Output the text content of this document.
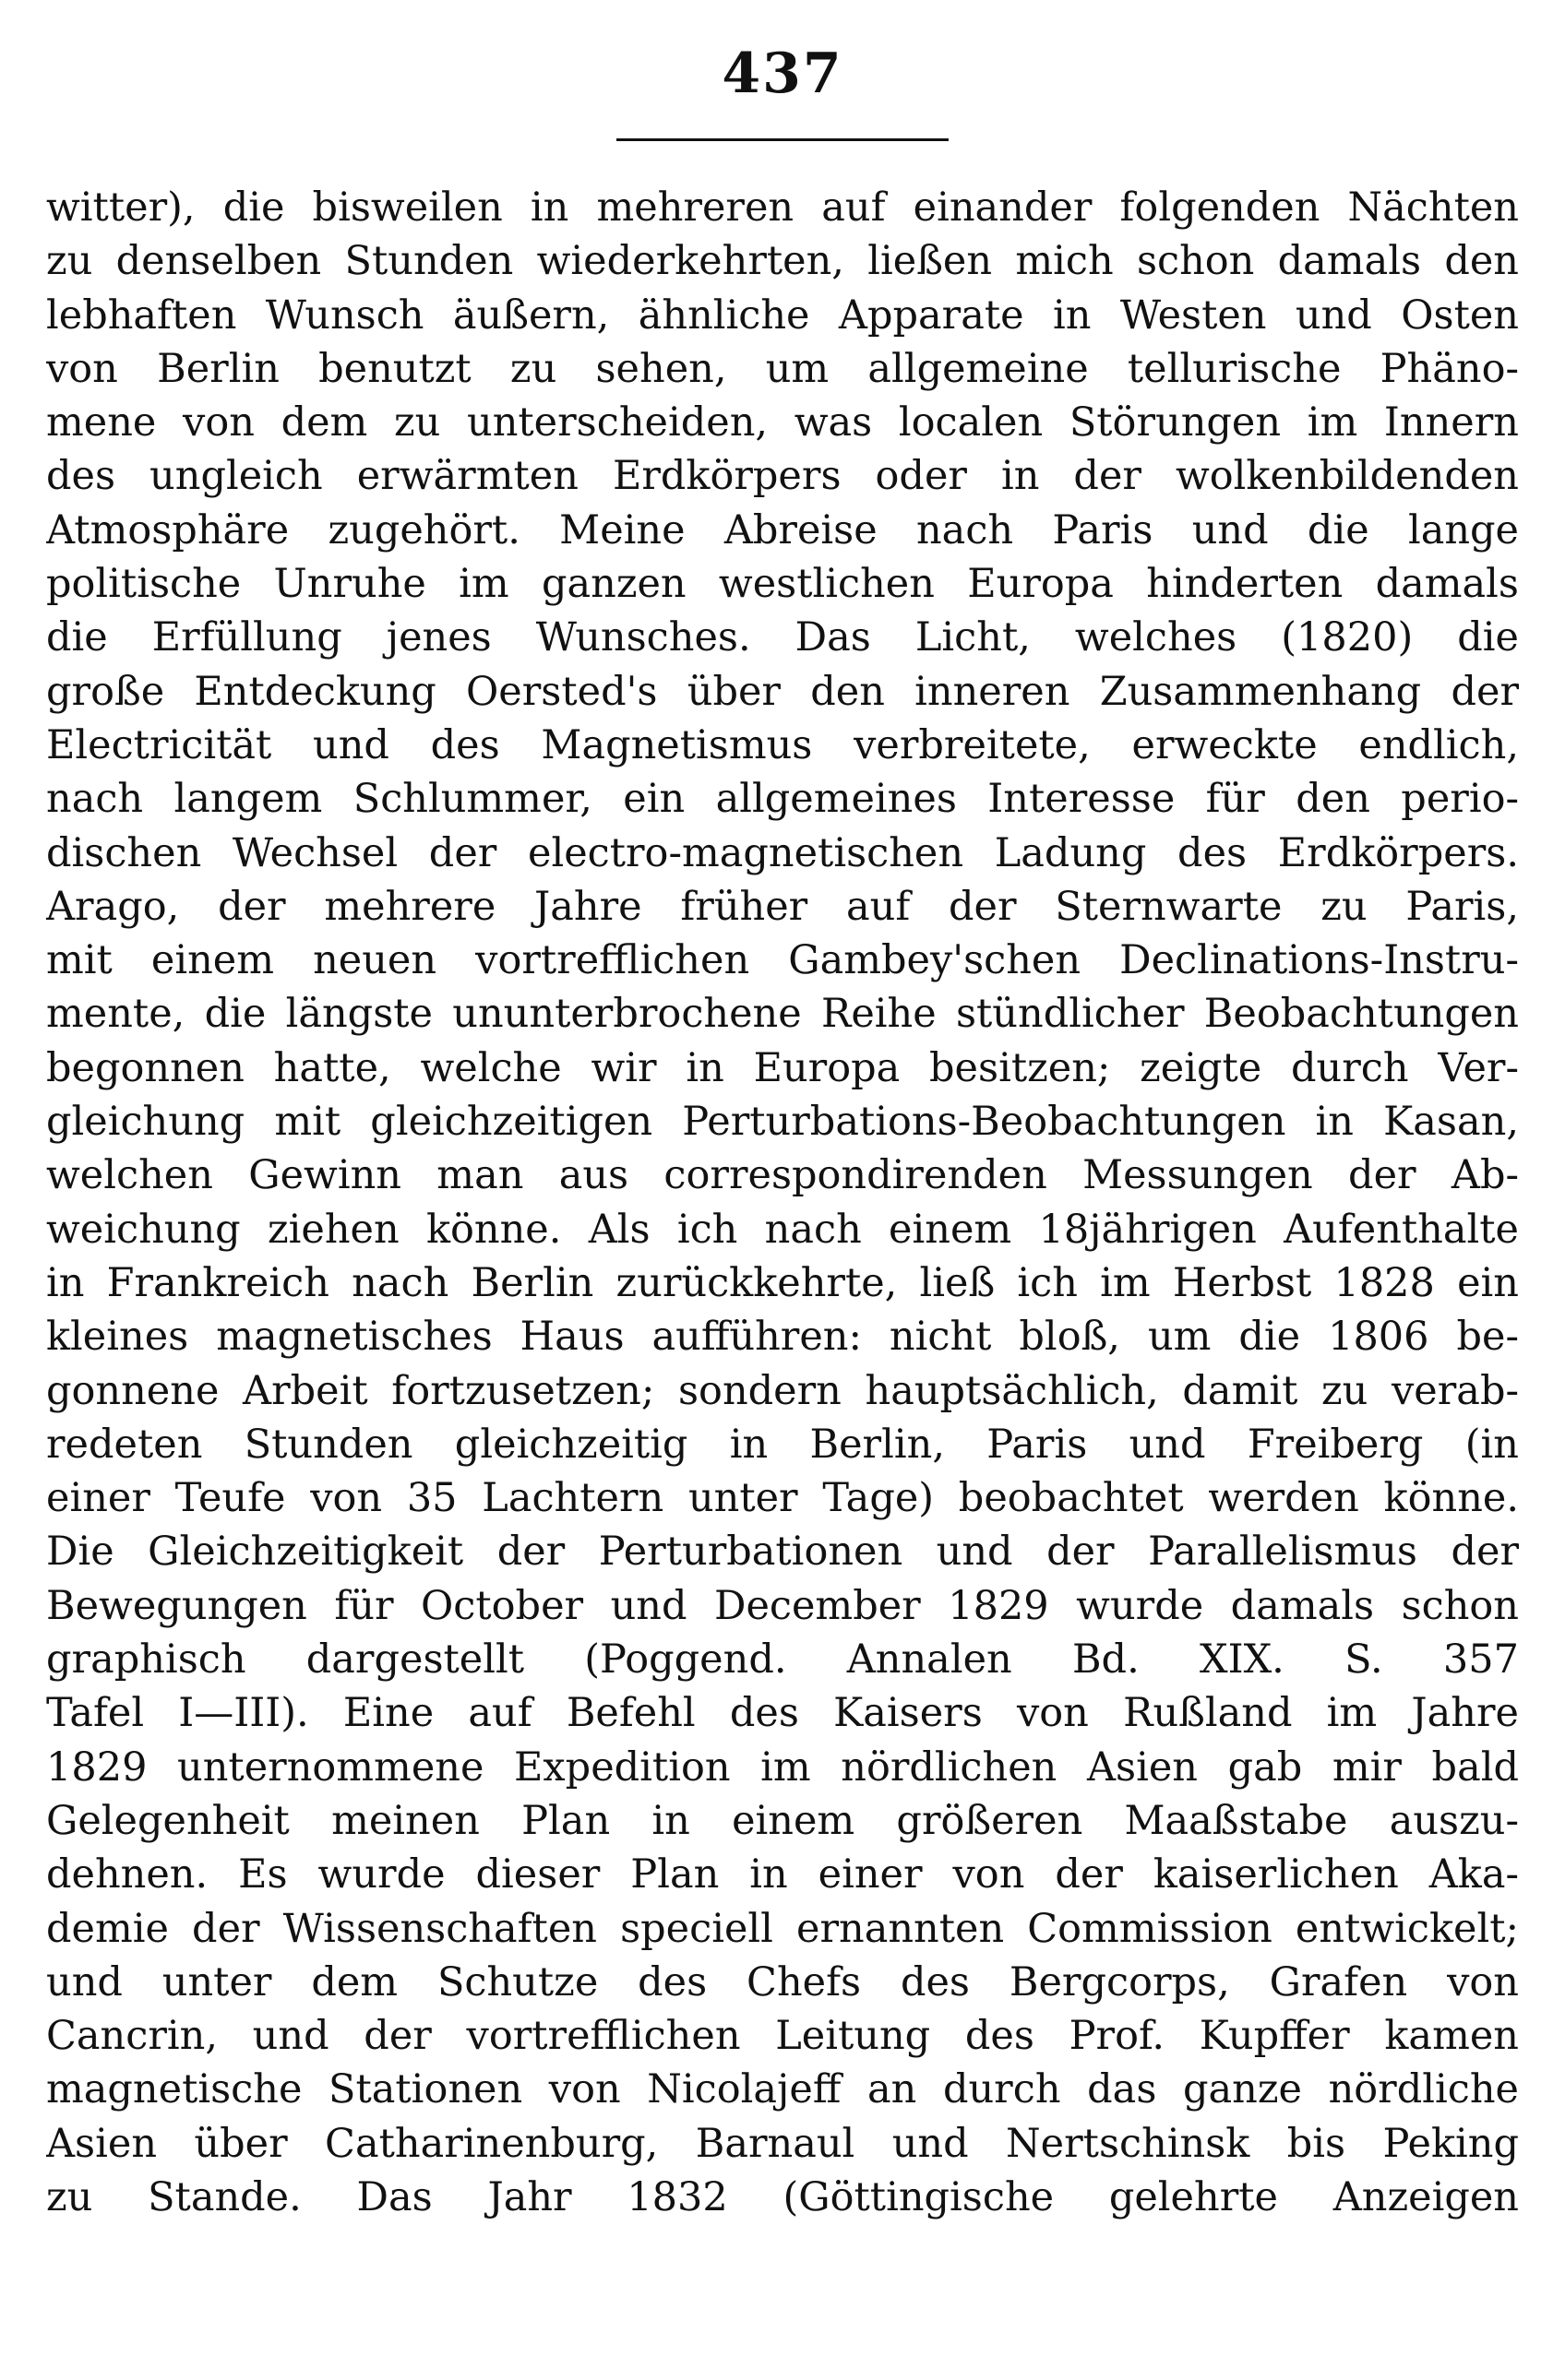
437
witter), die bisweilen in mehreren auf einander folgenden Nächten
zu denselben Stunden wiederkehrten, ließen mich schon damals den
lebhaften Wunsch äußern, ähnliche Apparate in Westen und Osten
von Berlin benutzt zu sehen, um allgemeine tellurische Phäno-
mene von dem zu unterscheiden, was localen Störungen im Innern
des ungleich erwärmten Erdkörpers oder in der wolkenbildenden
Atmosphäre zugehört. Meine Abreise nach Paris und die lange
politische Unruhe im ganzen westlichen Europa hinderten damals
die Erfüllung jenes Wunsches. Das Licht, welches (1820) die
große Entdeckung Oersted's über den inneren Zusammenhang der
Electricität und des Magnetismus verbreitete, erweckte endlich,
nach langem Schlummer, ein allgemeines Interesse für den perio-
dischen Wechsel der electro-magnetischen Ladung des Erdkörpers.
Arago, der mehrere Jahre früher auf der Sternwarte zu Paris,
mit einem neuen vortrefflichen Gambey'schen Declinations-Instru-
mente, die längste ununterbrochene Reihe stündlicher Beobachtungen
begonnen hatte, welche wir in Europa besitzen; zeigte durch Ver-
gleichung mit gleichzeitigen Perturbations-Beobachtungen in Kasan,
welchen Gewinn man aus correspondirenden Messungen der Ab-
weichung ziehen könne. Als ich nach einem 18jährigen Aufenthalte
in Frankreich nach Berlin zurückkehrte, ließ ich im Herbst 1828 ein
kleines magnetisches Haus aufführen: nicht bloß, um die 1806 be-
gonnene Arbeit fortzusetzen; sondern hauptsächlich, damit zu verab-
redeten Stunden gleichzeitig in Berlin, Paris und Freiberg (in
einer Teufe von 35 Lachtern unter Tage) beobachtet werden könne.
Die Gleichzeitigkeit der Perturbationen und der Parallelismus der
Bewegungen für October und December 1829 wurde damals schon
graphisch dargestellt (Poggend. Annalen Bd. XIX. S. 357
Tafel I—III). Eine auf Befehl des Kaisers von Rußland im Jahre
1829 unternommene Expedition im nördlichen Asien gab mir bald
Gelegenheit meinen Plan in einem größeren Maaßstabe auszu-
dehnen. Es wurde dieser Plan in einer von der kaiserlichen Aka-
demie der Wissenschaften speciell ernannten Commission entwickelt;
und unter dem Schutze des Chefs des Bergcorps, Grafen von
Cancrin, und der vortrefflichen Leitung des Prof. Kupffer kamen
magnetische Stationen von Nicolajeff an durch das ganze nördliche
Asien über Catharinenburg, Barnaul und Nertschinsk bis Peking
zu Stande. Das Jahr 1832 (Göttingische gelehrte Anzeigen
